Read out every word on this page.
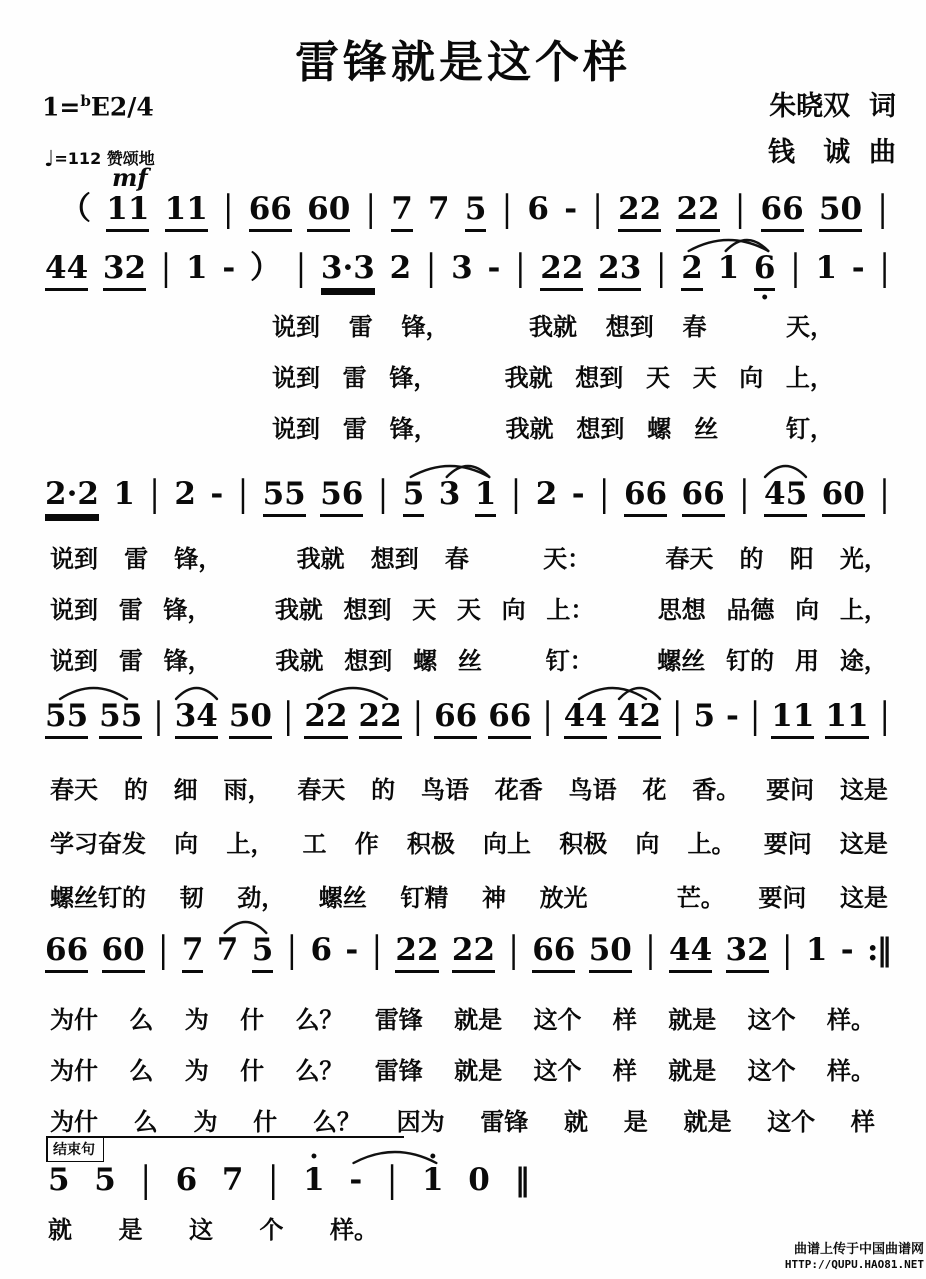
雷锋就是这个样
朱晓双  词
钱   诚  曲
1=$^b$E2/4
♩=112 赞颂地
mf
（ 11 11 | 66 60 | 7 7 5 | 6 - | 22 22 | 66 50 |
44 32 | 1 - ） | 3·3 2 | 3 - | 22 23 | 2 1 6 • | 1 - |
说到 雷 锋，	我就 想到 春	天，
说到 雷 锋，	我就 想到 天 天 向 上，
说到 雷 锋，	我就 想到 螺 丝	钉，
2·2 1 | 2 - | 55 56 | 5 3 1 | 2 - | 66 66 | 45 60 |
说到 雷 锋，	我就 想到 春	天：	春天 的 阳 光，
说到 雷 锋，	我就 想到 天 天 向 上：	思想 品德 向 上，
说到 雷 锋，	我就 想到 螺 丝	钉：	螺丝 钉的 用 途，
55 55 | 34 50 | 22 22 | 66 66 | 44 42 | 5 - | 11 11 |
春天 的 细 雨， 春天 的 鸟语 花香 鸟语 花 香。 要问 这是
学习奋发 向 上， 工 作 积极 向上 积极 向 上。 要问 这是
螺丝钉的 韧 劲， 螺丝 钉精 神 放光	芒。 要问 这是
66 60 | 7 7 5 | 6 - | 22 22 | 66 50 | 44 32 | 1 - :‖
为什 么 为 什 么？ 雷锋 就是 这个 样 就是 这个 样。
为什 么 为 什 么？ 雷锋 就是 这个 样 就是 这个 样。
为什 么 为 什 么？ 因为 雷锋 就 是 就是 这个 样
结束句
5 5 | 6 7 | • 1 - | • 1 0 ‖
就 是 这 个 样。
曲谱上传于中国曲谱网
HTTP://QUPU.HAO81.NET
